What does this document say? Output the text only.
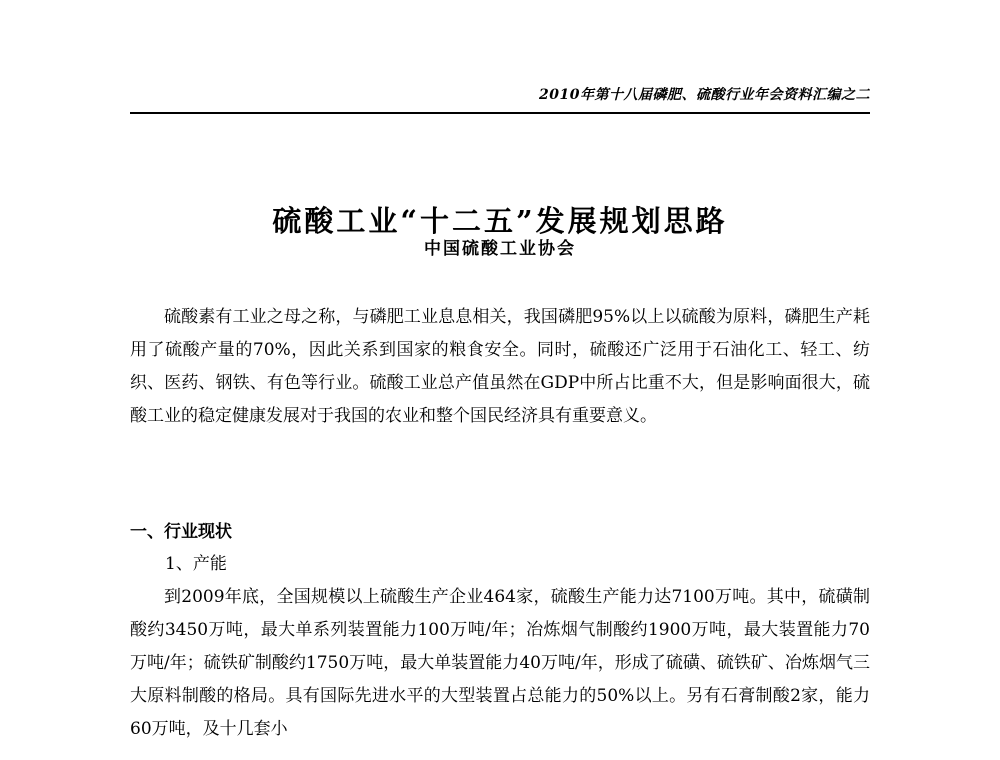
2010年第十八届磷肥、硫酸行业年会资料汇编之二
硫酸工业“十二五”发展规划思路
中国硫酸工业协会

硫酸素有工业之母之称，与磷肥工业息息相关，我国磷肥95%以上以硫酸为原料，磷肥生产耗用了硫酸产量的70%，因此关系到国家的粮食安全。同时，硫酸还广泛用于石油化工、轻工、纺织、医药、钢铁、有色等行业。硫酸工业总产值虽然在GDP中所占比重不大，但是影响面很大，硫酸工业的稳定健康发展对于我国的农业和整个国民经济具有重要意义。

一、行业现状

1、产能

到2009年底，全国规模以上硫酸生产企业464家，硫酸生产能力达7100万吨。其中，硫磺制酸约3450万吨，最大单系列装置能力100万吨/年；冶炼烟气制酸约1900万吨，最大装置能力70万吨/年；硫铁矿制酸约1750万吨，最大单装置能力40万吨/年，形成了硫磺、硫铁矿、冶炼烟气三大原料制酸的格局。具有国际先进水平的大型装置占总能力的50%以上。另有石膏制酸2家，能力60万吨，及十几套小
